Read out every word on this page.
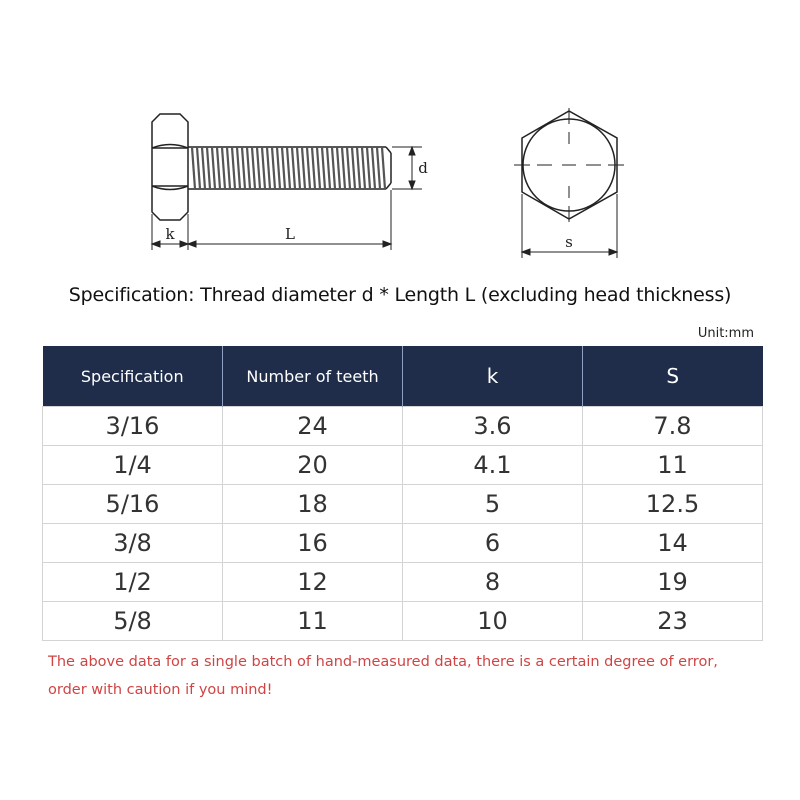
k	L
d
s
Specification: Thread diameter d * Length L (excluding head thickness)
Unit:mm
Specification	Number of teeth	k	S
3/16	24	3.6	7.8
1/4	20	4.1	11
5/16	18	5	12.5
3/8	16	6	14
1/2	12	8	19
5/8	11	10	23
The above data for a single batch of hand-measured data, there is a certain degree of error,
order with caution if you mind!
